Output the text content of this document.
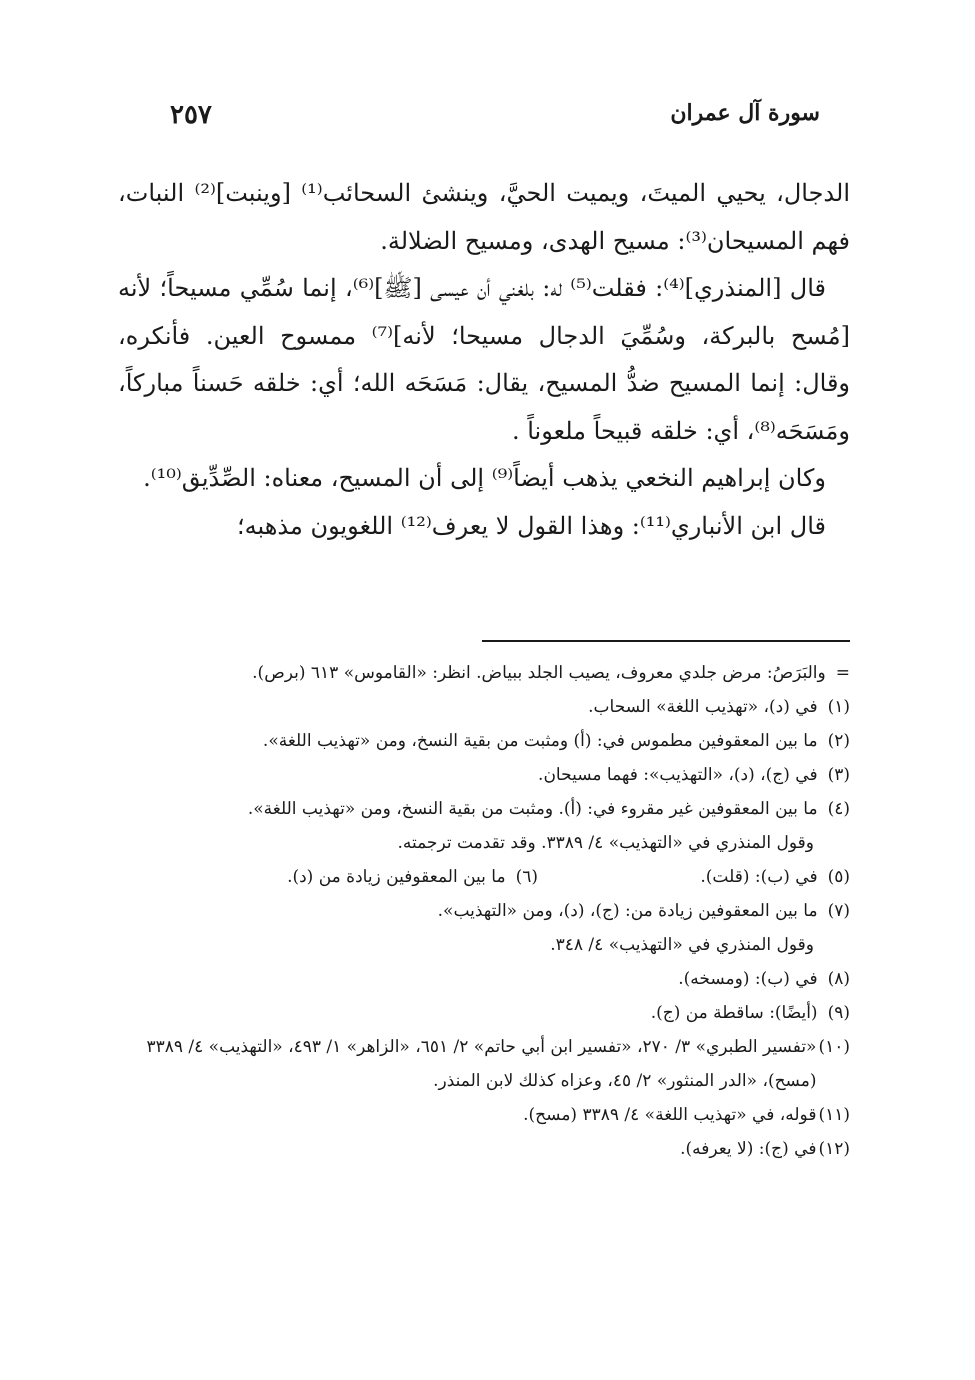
سورة آل عمران
٢٥٧

الدجال، يحيي الميتَ، ويميت الحيَّ، وينشئ السحائب⁽¹⁾ [وينبت]⁽²⁾ النبات، فهم المسيحان⁽³⁾: مسيح الهدى، ومسيح الضلالة.

قال [المنذري]⁽⁴⁾: فقلت⁽⁵⁾ له: بلغني أن عيسى [ﷺ]⁽⁶⁾، إنما سُمِّي مسيحاً؛ لأنه [مُسح بالبركة، وسُمِّيَ الدجال مسيحا؛ لأنه]⁽⁷⁾ ممسوح العين. فأنكره، وقال: إنما المسيح ضدُّ المسيح، يقال: مَسَحَه الله؛ أي: خلقه حَسناً مباركاً، ومَسَحَه⁽⁸⁾، أي: خلقه قبيحاً ملعوناً .

وكان إبراهيم النخعي يذهب أيضاً⁽⁹⁾ إلى أن المسيح، معناه: الصِّدِّيق⁽¹⁰⁾.

قال ابن الأنباري⁽¹¹⁾: وهذا القول لا يعرف⁽¹²⁾ اللغويون مذهبه؛

=
والبَرَصُ: مرض جلدي معروف، يصيب الجلد ببياض. انظر: «القاموس» ٦١٣ (برص).
(١)
في (د)، «تهذيب اللغة» السحاب.
(٢)
ما بين المعقوفين مطموس في: (أ) ومثبت من بقية النسخ، ومن «تهذيب اللغة».
(٣)
في (ج)، (د)، «التهذيب»: فهما مسيحان.
(٤)
ما بين المعقوفين غير مقروء في: (أ). ومثبت من بقية النسخ، ومن «تهذيب اللغة».
وقول المنذري في «التهذيب» ٤/ ٣٣٨٩. وقد تقدمت ترجمته.
(٥)
في (ب): (قلت).
(٦)
ما بين المعقوفين زيادة من (د).
(٧)
ما بين المعقوفين زيادة من: (ج)، (د)، ومن «التهذيب».
وقول المنذري في «التهذيب» ٤/ ٣٤٨.
(٨)
في (ب): (ومسخه).
(٩)
(أيضًا): ساقطة من (ج).
(١٠)
«تفسير الطبري» ٣/ ٢٧٠، «تفسير ابن أبي حاتم» ٢/ ٦٥١، «الزاهر» ١/ ٤٩٣، «التهذيب» ٤/ ٣٣٨٩ (مسح)، «الدر المنثور» ٢/ ٤٥، وعزاه كذلك لابن المنذر.
(١١)
قوله، في «تهذيب اللغة» ٤/ ٣٣٨٩ (مسح).
(١٢)
في (ج): (لا يعرفه).
